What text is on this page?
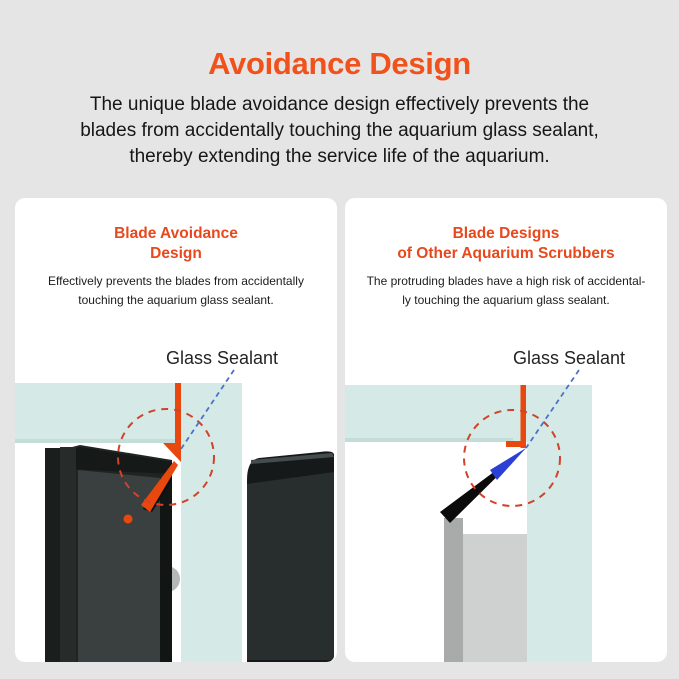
Avoidance Design
The unique blade avoidance design effectively prevents the
blades from accidentally touching the aquarium glass sealant,
thereby extending the service life of the aquarium.
Glass Sealant
Blade Avoidance
Design
Effectively prevents the blades from accidentally
touching the aquarium glass sealant.
Glass Sealant
Blade Designs
of Other Aquarium Scrubbers
The protruding blades have a high risk of accidental-
ly touching the aquarium glass sealant.
